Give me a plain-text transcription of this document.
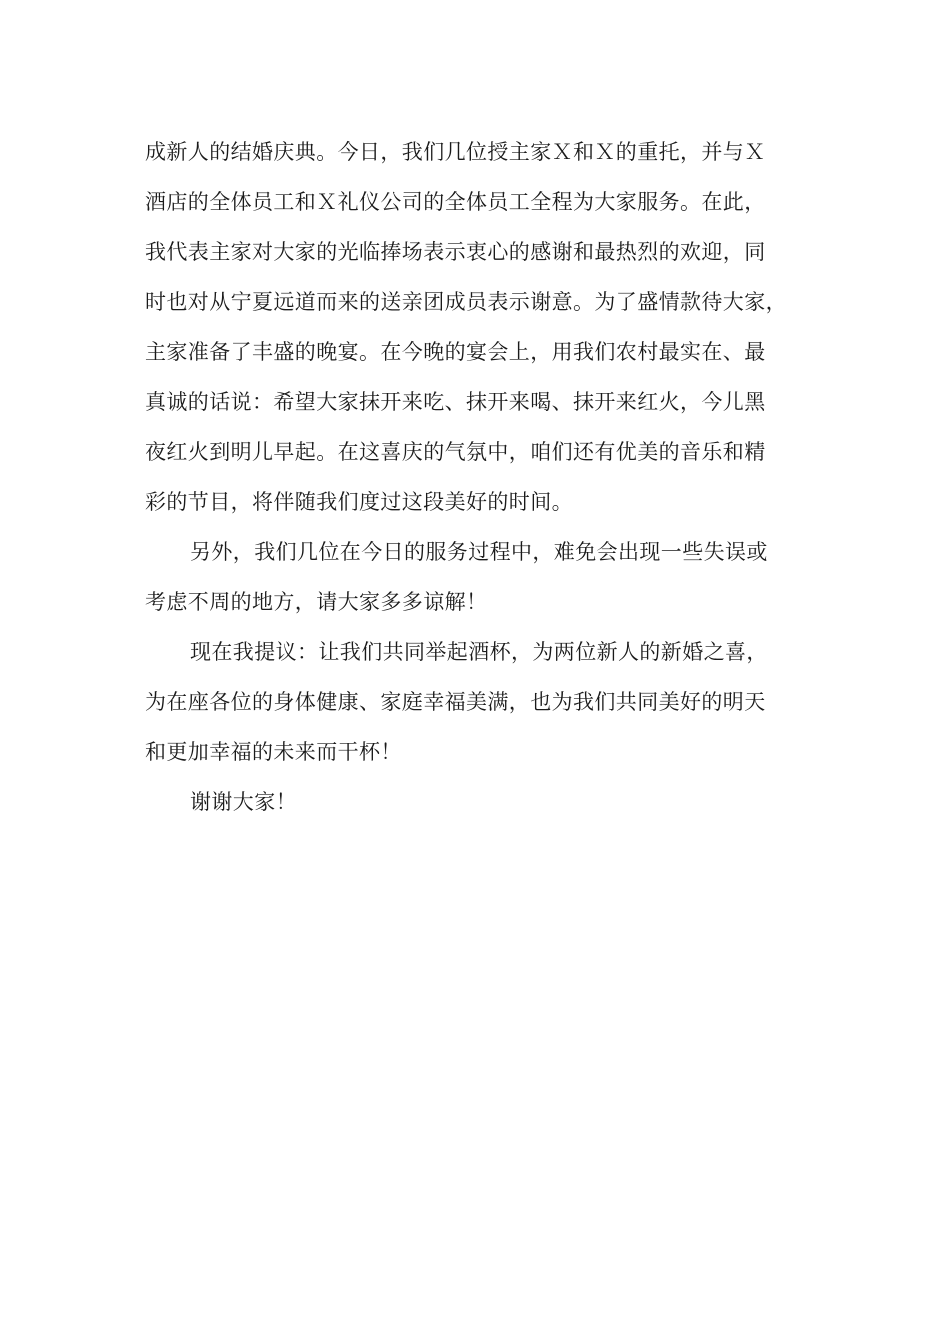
成新人的结婚庆典。今日，我们几位授主家Ｘ和Ｘ的重托，并与Ｘ
酒店的全体员工和Ｘ礼仪公司的全体员工全程为大家服务。在此，
我代表主家对大家的光临捧场表示衷心的感谢和最热烈的欢迎，同
时也对从宁夏远道而来的送亲团成员表示谢意。为了盛情款待大家，
主家准备了丰盛的晚宴。在今晚的宴会上，用我们农村最实在、最
真诚的话说：希望大家抹开来吃、抹开来喝、抹开来红火，今儿黑
夜红火到明儿早起。在这喜庆的气氛中，咱们还有优美的音乐和精
彩的节目，将伴随我们度过这段美好的时间。
另外，我们几位在今日的服务过程中，难免会出现一些失误或
考虑不周的地方，请大家多多谅解！
现在我提议：让我们共同举起酒杯，为两位新人的新婚之喜，
为在座各位的身体健康、家庭幸福美满，也为我们共同美好的明天
和更加幸福的未来而干杯！
谢谢大家！
